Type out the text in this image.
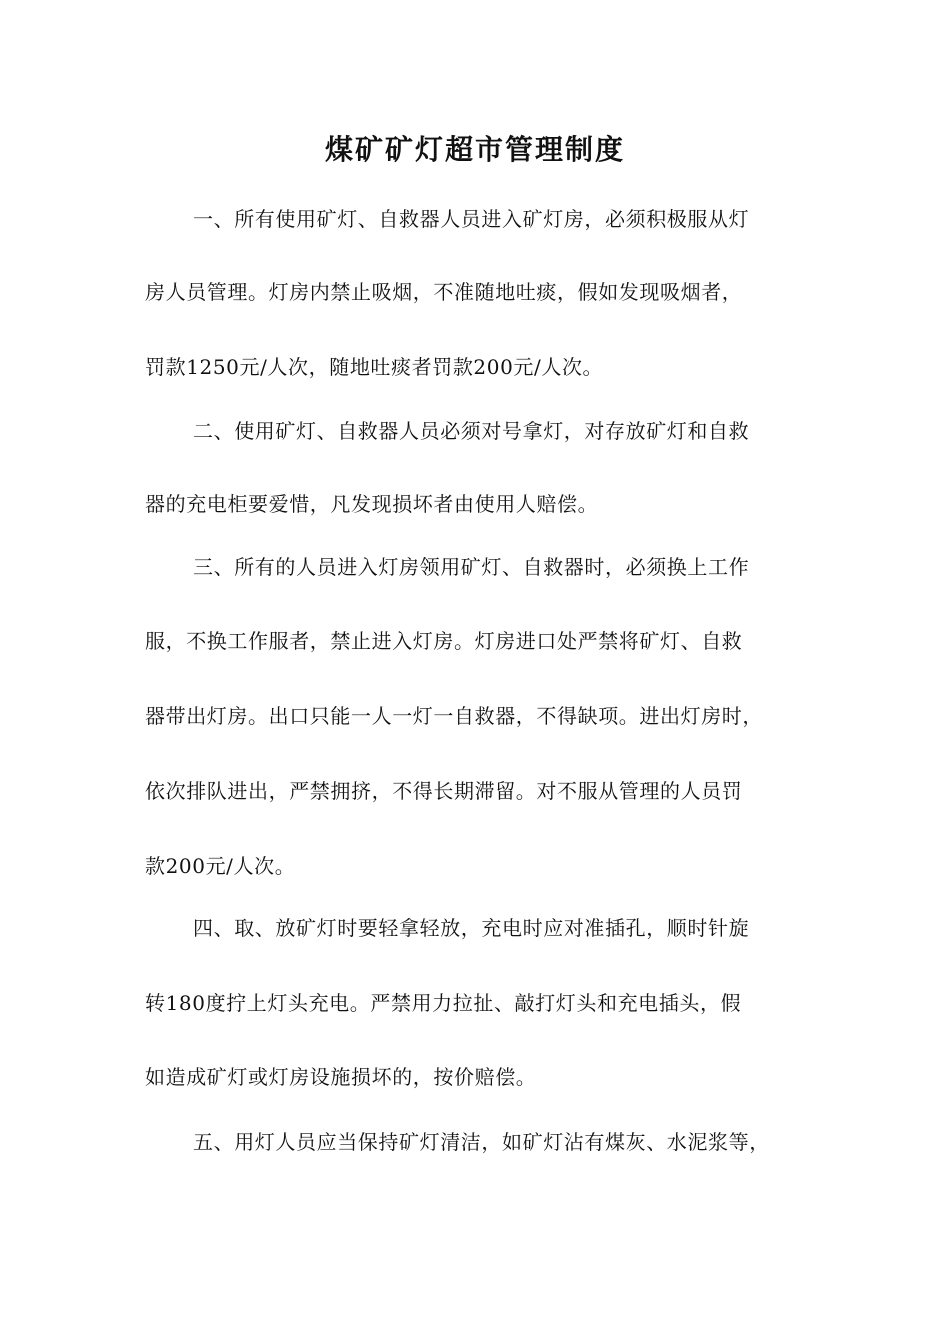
煤矿矿灯超市管理制度
一、所有使用矿灯、自救器人员进入矿灯房，必须积极服从灯
房人员管理。灯房内禁止吸烟，不准随地吐痰，假如发现吸烟者，
罚款1250元/人次，随地吐痰者罚款200元/人次。
二、使用矿灯、自救器人员必须对号拿灯，对存放矿灯和自救
器的充电柜要爱惜，凡发现损坏者由使用人赔偿。
三、所有的人员进入灯房领用矿灯、自救器时，必须换上工作
服，不换工作服者，禁止进入灯房。灯房进口处严禁将矿灯、自救
器带出灯房。出口只能一人一灯一自救器，不得缺项。进出灯房时，
依次排队进出，严禁拥挤，不得长期滞留。对不服从管理的人员罚
款200元/人次。
四、取、放矿灯时要轻拿轻放，充电时应对准插孔，顺时针旋
转180度拧上灯头充电。严禁用力拉扯、敲打灯头和充电插头，假
如造成矿灯或灯房设施损坏的，按价赔偿。
五、用灯人员应当保持矿灯清洁，如矿灯沾有煤灰、水泥浆等，
